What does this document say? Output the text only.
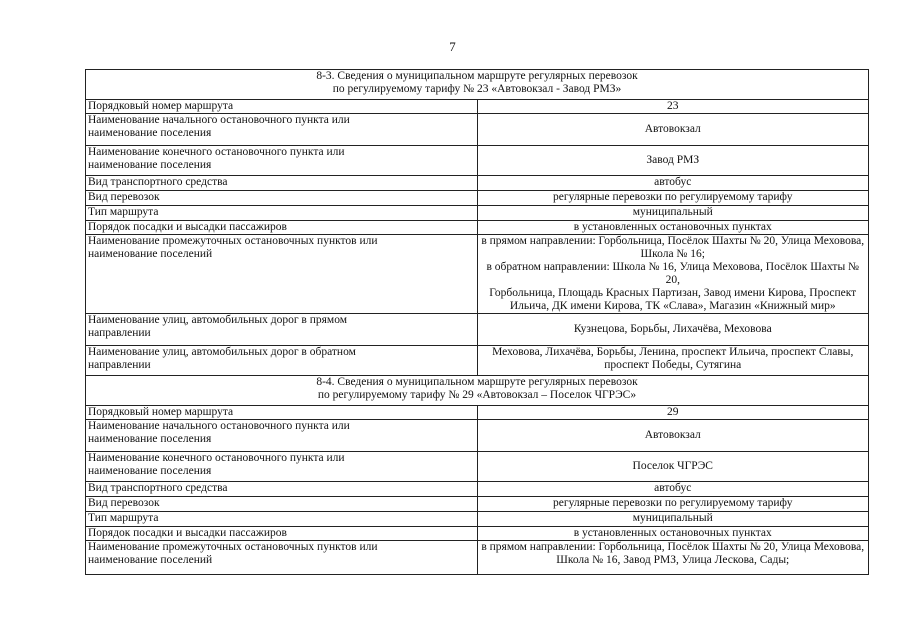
7
8-3. Сведения о муниципальном маршруте регулярных перевозок
по регулируемому тарифу № 23 «Автовокзал - Завод РМЗ»	

Порядковый номер маршрута	23

Наименование начального остановочного пункта или
наименование поселения	Автовокзал

Наименование конечного остановочного пункта или
наименование поселения	Завод РМЗ

Вид транспортного средства	автобус

Вид перевозок	регулярные перевозки по регулируемому тарифу

Тип маршрута	муниципальный

Порядок посадки и высадки пассажиров	в установленных остановочных пунктах

Наименование промежуточных остановочных пунктов или
наименование поселений	в прямом направлении: Горбольница, Посёлок Шахты № 20, Улица Меховова,
Школа № 16;
в обратном направлении: Школа № 16, Улица Меховова, Посёлок Шахты № 20,
Горбольница, Площадь Красных Партизан, Завод имени Кирова, Проспект
Ильича, ДК имени Кирова, ТК «Слава», Магазин «Книжный мир»

Наименование улиц, автомобильных дорог в прямом
направлении	Кузнецова, Борьбы, Лихачёва, Меховова

Наименование улиц, автомобильных дорог в обратном
направлении	Меховова, Лихачёва, Борьбы, Ленина, проспект Ильича, проспект Славы,
проспект Победы, Сутягина

8-4. Сведения о муниципальном маршруте регулярных перевозок
по регулируемому тарифу № 29 «Автовокзал – Поселок ЧГРЭС»	

Порядковый номер маршрута	29

Наименование начального остановочного пункта или
наименование поселения	Автовокзал

Наименование конечного остановочного пункта или
наименование поселения	Поселок ЧГРЭС

Вид транспортного средства	автобус

Вид перевозок	регулярные перевозки по регулируемому тарифу

Тип маршрута	муниципальный

Порядок посадки и высадки пассажиров	в установленных остановочных пунктах

Наименование промежуточных остановочных пунктов или
наименование поселений	в прямом направлении: Горбольница, Посёлок Шахты № 20, Улица Меховова,
Школа № 16, Завод РМЗ, Улица Лескова, Сады;
